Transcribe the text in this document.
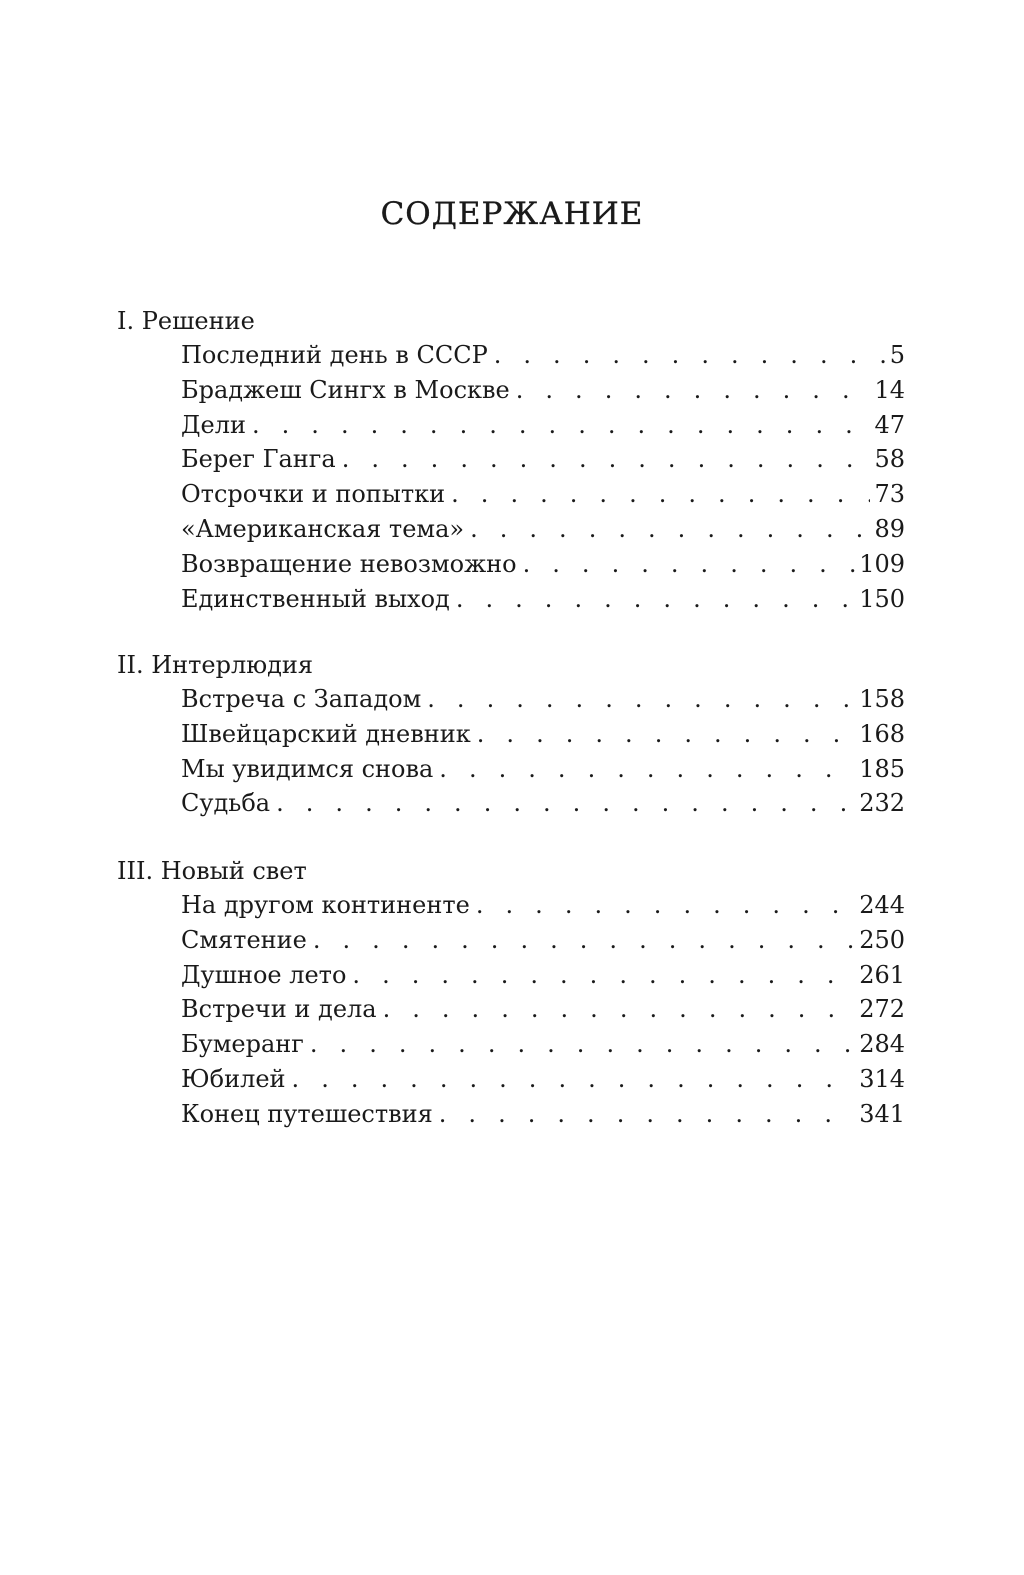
СОДЕРЖАНИЕ
I. Решение
Последний день в СССР . . .	5
Браджеш Сингх в Москве . . .	14
Дели . . .	47
Берег Ганга . . .	58
Отсрочки и попытки . . .	73
«Американская тема» . . .	89
Возвращение невозможно . . .	109
Единственный выход . . .	150
II. Интерлюдия
Встреча с Западом . . .	158
Швейцарский дневник . . .	168
Мы увидимся снова . . .	185
Судьба . . .	232
III. Новый свет
На другом континенте . . .	244
Смятение . . .	250
Душное лето . . .	261
Встречи и дела . . .	272
Бумеранг . . .	284
Юбилей . . .	314
Конец путешествия . . .	341
